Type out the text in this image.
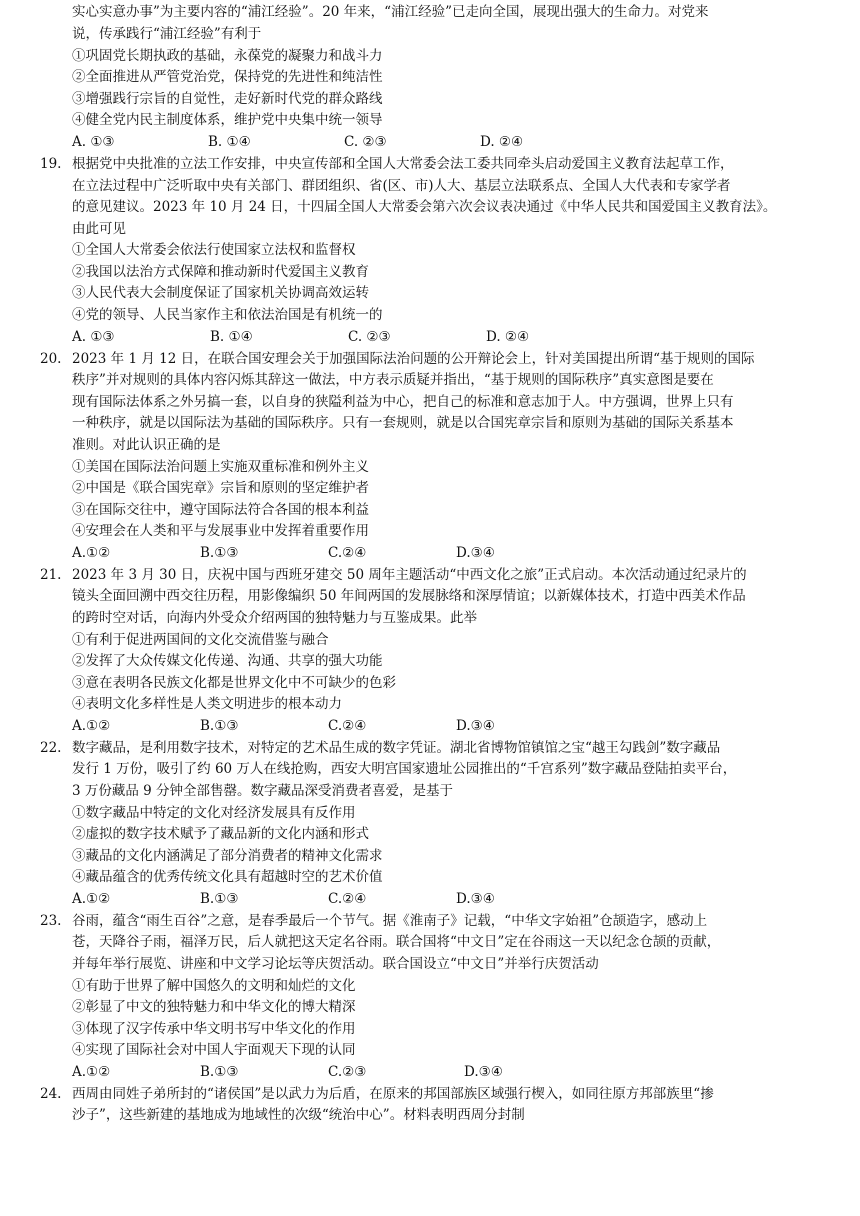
实心实意办事”为主要内容的“浦江经验”。20 年来，“浦江经验”已走向全国，展现出强大的生命力。对党来
说，传承践行“浦江经验”有利于
①巩固党长期执政的基础，永葆党的凝聚力和战斗力
②全面推进从严管党治党，保持党的先进性和纯洁性
③增强践行宗旨的自觉性，走好新时代党的群众路线
④健全党内民主制度体系，维护党中央集中统一领导
A. ①③	B. ①④	C. ②③	D. ②④
19. 根据党中央批准的立法工作安排，中央宣传部和全国人大常委会法工委共同牵头启动爱国主义教育法起草工作，
在立法过程中广泛听取中央有关部门、群团组织、省(区、市)人大、基层立法联系点、全国人大代表和专家学者
的意见建议。2023 年 10 月 24 日，十四届全国人大常委会第六次会议表决通过《中华人民共和国爱国主义教育法》。
由此可见
①全国人大常委会依法行使国家立法权和监督权
②我国以法治方式保障和推动新时代爱国主义教育
③人民代表大会制度保证了国家机关协调高效运转
④党的领导、人民当家作主和依法治国是有机统一的
A. ①③	B. ①④	C. ②③	D. ②④
20. 2023 年 1 月 12 日，在联合国安理会关于加强国际法治问题的公开辩论会上，针对美国提出所谓“基于规则的国际
秩序”并对规则的具体内容闪烁其辞这一做法，中方表示质疑并指出，“基于规则的国际秩序”真实意图是要在
现有国际法体系之外另搞一套，以自身的狭隘利益为中心，把自己的标准和意志加于人。中方强调，世界上只有
一种秩序，就是以国际法为基础的国际秩序。只有一套规则，就是以合国宪章宗旨和原则为基础的国际关系基本
准则。对此认识正确的是
①美国在国际法治问题上实施双重标准和例外主义
②中国是《联合国宪章》宗旨和原则的坚定维护者
③在国际交往中，遵守国际法符合各国的根本利益
④安理会在人类和平与发展事业中发挥着重要作用
A.①②	B.①③	C.②④	D.③④
21. 2023 年 3 月 30 日，庆祝中国与西班牙建交 50 周年主题活动“中西文化之旅”正式启动。本次活动通过纪录片的
镜头全面回溯中西交往历程，用影像编织 50 年间两国的发展脉络和深厚情谊；以新媒体技术，打造中西美术作品
的跨时空对话，向海内外受众介绍两国的独特魅力与互鉴成果。此举
①有利于促进两国间的文化交流借鉴与融合
②发挥了大众传媒文化传递、沟通、共享的强大功能
③意在表明各民族文化都是世界文化中不可缺少的色彩
④表明文化多样性是人类文明进步的根本动力
A.①②	B.①③	C.②④	D.③④
22. 数字藏品，是利用数字技术，对特定的艺术品生成的数字凭证。湖北省博物馆镇馆之宝“越王勾践剑”数字藏品
发行 1 万份，吸引了约 60 万人在线抢购，西安大明宫国家遗址公园推出的“千宫系列”数字藏品登陆拍卖平台，
3 万份藏品 9 分钟全部售罄。数字藏品深受消费者喜爱，是基于
①数字藏品中特定的文化对经济发展具有反作用
②虚拟的数字技术赋予了藏品新的文化内涵和形式
③藏品的文化内涵满足了部分消费者的精神文化需求
④藏品蕴含的优秀传统文化具有超越时空的艺术价值
A.①②	B.①③	C.②④	D.③④
23. 谷雨，蕴含“雨生百谷”之意，是春季最后一个节气。据《淮南子》记载，“中华文字始祖”仓颉造字，感动上
苍，天降谷子雨，福泽万民，后人就把这天定名谷雨。联合国将“中文日”定在谷雨这一天以纪念仓颉的贡献，
并每年举行展览、讲座和中文学习论坛等庆贺活动。联合国设立“中文日”并举行庆贺活动
①有助于世界了解中国悠久的文明和灿烂的文化
②彰显了中文的独特魅力和中华文化的博大精深
③体现了汉字传承中华文明书写中华文化的作用
④实现了国际社会对中国人宇面观天下现的认同
A.①②	B.①③	C.②③	D.③④
24. 西周由同姓子弟所封的“诸侯国”是以武力为后盾，在原来的邦国部族区域强行楔入，如同往原方邦部族里“掺
沙子”，这些新建的基地成为地域性的次级“统治中心”。材料表明西周分封制
